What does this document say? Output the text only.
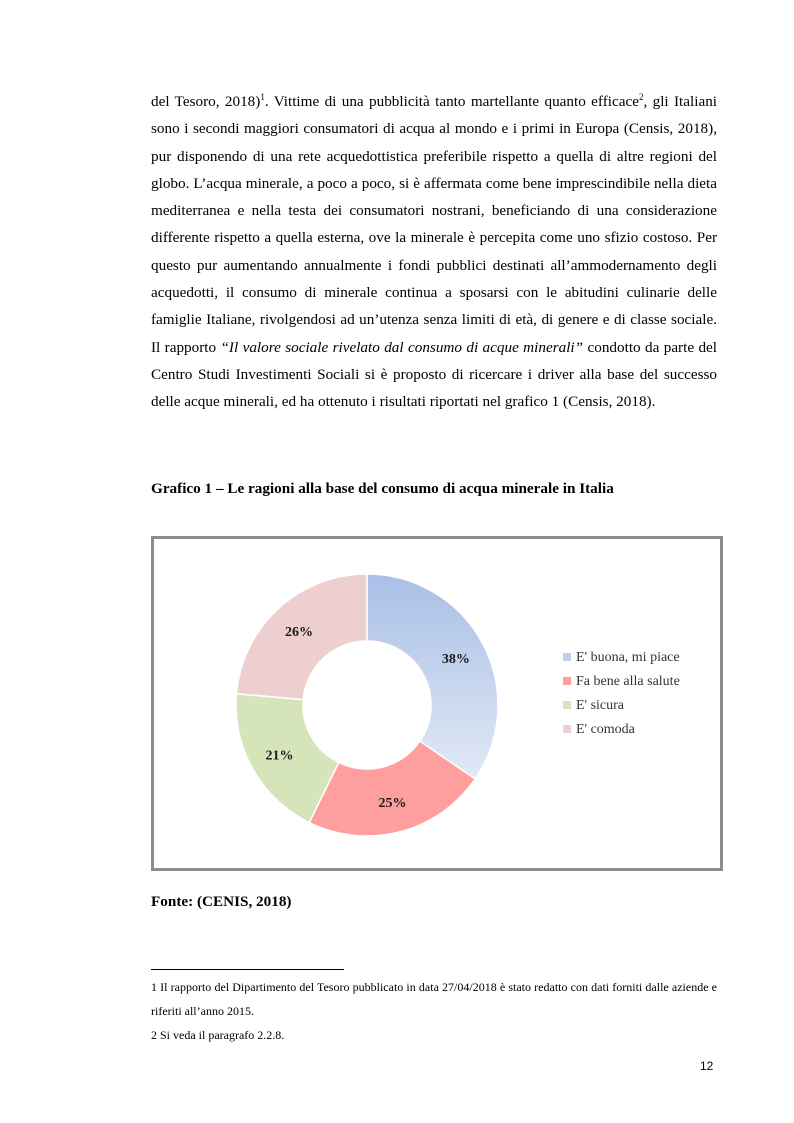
del Tesoro, 2018)$^1$. Vittime di una pubblicità tanto martellante quanto efficace$^2$, gli Italiani sono i secondi maggiori consumatori di acqua al mondo e i primi in Europa (Censis, 2018), pur disponendo di una rete acquedottistica preferibile rispetto a quella di altre regioni del globo. L’acqua minerale, a poco a poco, si è affermata come bene imprescindibile nella dieta mediterranea e nella testa dei consumatori nostrani, beneficiando di una considerazione differente rispetto a quella esterna, ove la minerale è percepita come uno sfizio costoso. Per questo pur aumentando annualmente i fondi pubblici destinati all’ammodernamento degli acquedotti, il consumo di minerale continua a sposarsi con le abitudini culinarie delle famiglie Italiane, rivolgendosi ad un’utenza senza limiti di età, di genere e di classe sociale. Il rapporto “Il valore sociale rivelato dal consumo di acque minerali” condotto da parte del Centro Studi Investimenti Sociali si è proposto di ricercare i driver alla base del successo delle acque minerali, ed ha ottenuto i risultati riportati nel grafico 1 (Censis, 2018).

Grafico 1 – Le ragioni alla base del consumo di acqua minerale in Italia

38%
25%
21%
26%
E' buona, mi piace
Fa bene alla salute
E' sicura
E' comoda

Fonte: (CENIS, 2018)

1 Il rapporto del Dipartimento del Tesoro pubblicato in data 27/04/2018 è stato redatto con dati forniti dalle aziende e riferiti all’anno 2015.

2 Si veda il paragrafo 2.2.8.

12
